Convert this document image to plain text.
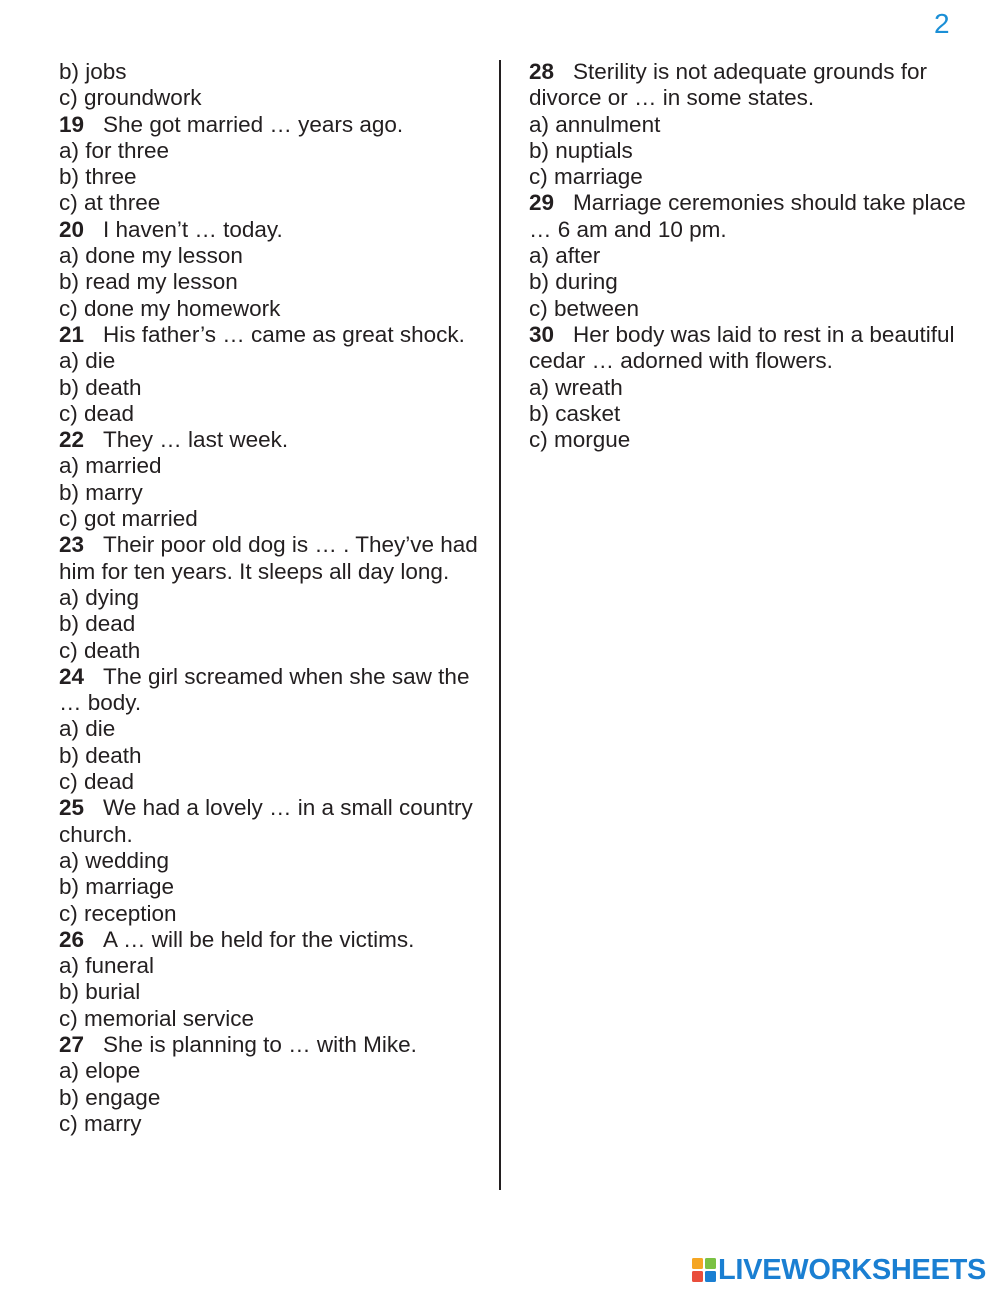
2
b) jobs
c) groundwork
19 She got married … years ago.
a) for three
b) three
c) at three
20 I haven’t … today.
a) done my lesson
b) read my lesson
c) done my homework
21 His father’s … came as great shock.
a) die
b) death
c) dead
22 They … last week.
a) married
b) marry
c) got married
23 Their poor old dog is … . They’ve had him for ten years. It sleeps all day long.
a) dying
b) dead
c) death
24 The girl screamed when she saw the … body.
a) die
b) death
c) dead
25 We had a lovely … in a small country church.
a) wedding
b) marriage
c) reception
26 A … will be held for the victims.
a) funeral
b) burial
c) memorial service
27 She is planning to … with Mike.
a) elope
b) engage
c) marry
28 Sterility is not adequate grounds for divorce or … in some states.
a) annulment
b) nuptials
c) marriage
29 Marriage ceremonies should take place … 6 am and 10 pm.
a) after
b) during
c) between
30 Her body was laid to rest in a beautiful cedar … adorned with flowers.
a) wreath
b) casket
c) morgue
LIVEWORKSHEETS
